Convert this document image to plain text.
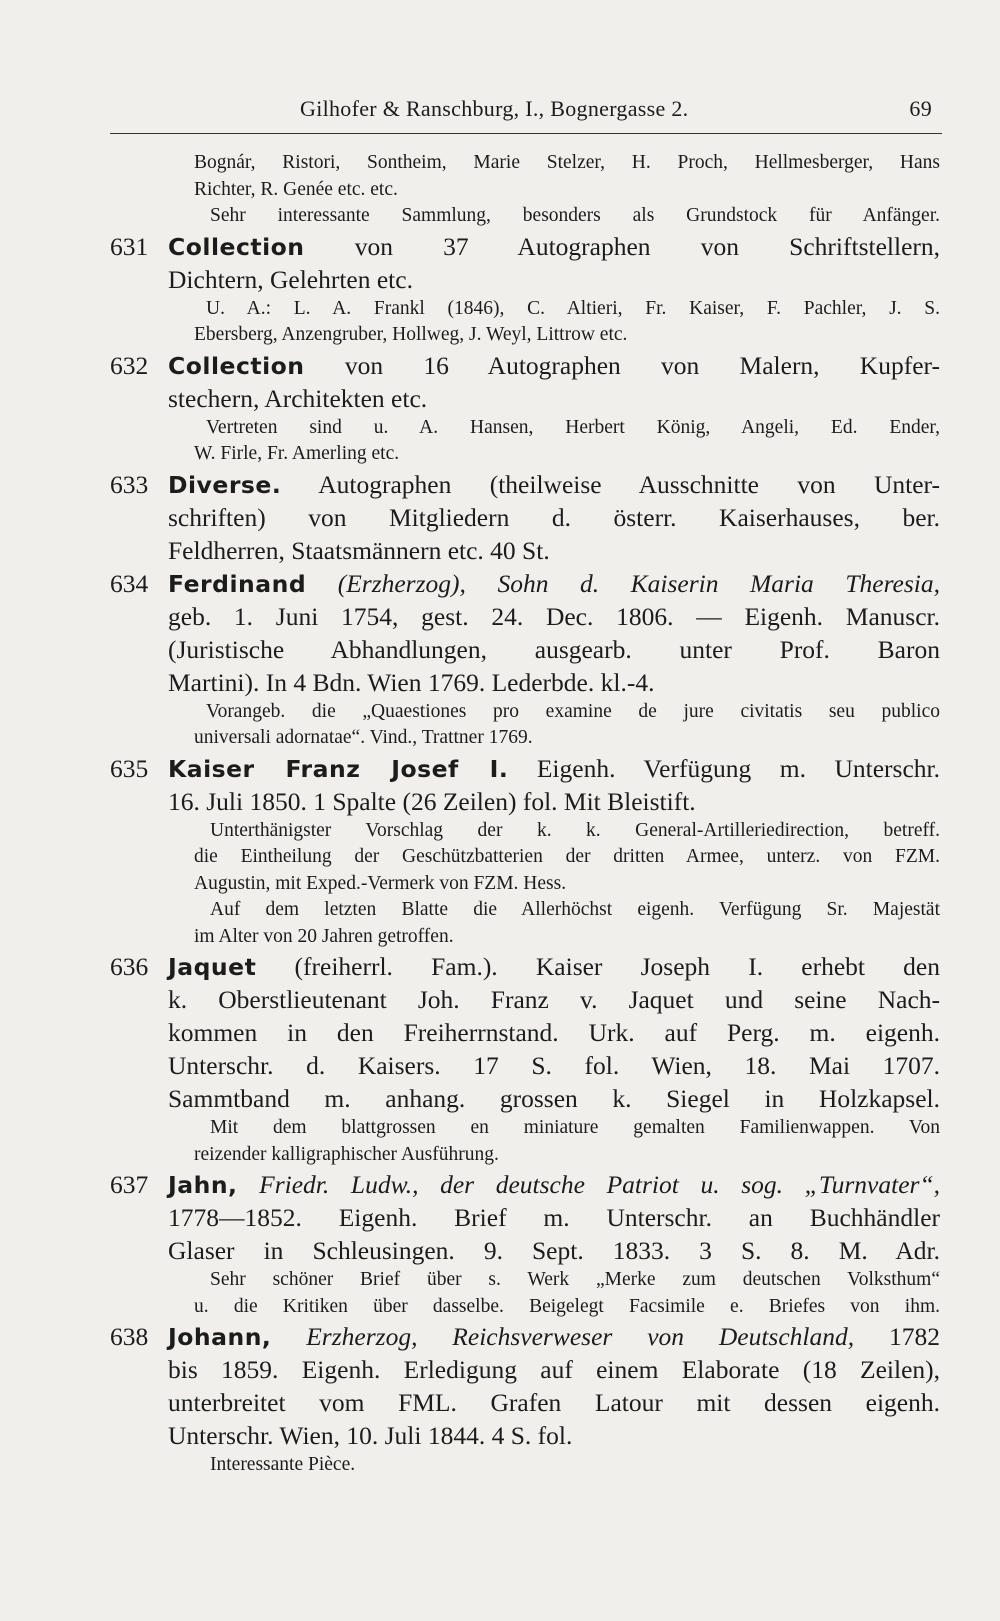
Gilhofer & Ranschburg, I., Bognergasse 2.	69
Bognár, Ristori, Sontheim, Marie Stelzer, H. Proch, Hellmesberger, Hans
Richter, R. Genée etc. etc.
Sehr interessante Sammlung, besonders als Grundstock für Anfänger.
631 Collection von 37 Autographen von Schriftstellern,
Dichtern, Gelehrten etc.
U. A.: L. A. Frankl (1846), C. Altieri, Fr. Kaiser, F. Pachler, J. S.
Ebersberg, Anzengruber, Hollweg, J. Weyl, Littrow etc.
632 Collection von 16 Autographen von Malern, Kupfer-
stechern, Architekten etc.
Vertreten sind u. A. Hansen, Herbert König, Angeli, Ed. Ender,
W. Firle, Fr. Amerling etc.
633 Diverse. Autographen (theilweise Ausschnitte von Unter-
schriften) von Mitgliedern d. österr. Kaiserhauses, ber.
Feldherren, Staatsmännern etc. 40 St.
634 Ferdinand (Erzherzog), Sohn d. Kaiserin Maria Theresia,
geb. 1. Juni 1754, gest. 24. Dec. 1806. — Eigenh. Manuscr.
(Juristische Abhandlungen, ausgearb. unter Prof. Baron
Martini). In 4 Bdn. Wien 1769. Lederbde. kl.-4.
Vorangeb. die „Quaestiones pro examine de jure civitatis seu publico
universali adornatae“. Vind., Trattner 1769.
635 Kaiser Franz Josef I. Eigenh. Verfügung m. Unterschr.
16. Juli 1850. 1 Spalte (26 Zeilen) fol. Mit Bleistift.
Unterthänigster Vorschlag der k. k. General-Artilleriedirection, betreff.
die Eintheilung der Geschützbatterien der dritten Armee, unterz. von FZM.
Augustin, mit Exped.-Vermerk von FZM. Hess.
Auf dem letzten Blatte die Allerhöchst eigenh. Verfügung Sr. Majestät
im Alter von 20 Jahren getroffen.
636 Jaquet (freiherrl. Fam.). Kaiser Joseph I. erhebt den
k. Oberstlieutenant Joh. Franz v. Jaquet und seine Nach-
kommen in den Freiherrnstand. Urk. auf Perg. m. eigenh.
Unterschr. d. Kaisers. 17 S. fol. Wien, 18. Mai 1707.
Sammtband m. anhang. grossen k. Siegel in Holzkapsel.
Mit dem blattgrossen en miniature gemalten Familienwappen. Von
reizender kalligraphischer Ausführung.
637 Jahn, Friedr. Ludw., der deutsche Patriot u. sog. „Turnvater“,
1778—1852. Eigenh. Brief m. Unterschr. an Buchhändler
Glaser in Schleusingen. 9. Sept. 1833. 3 S. 8. M. Adr.
Sehr schöner Brief über s. Werk „Merke zum deutschen Volksthum“
u. die Kritiken über dasselbe. Beigelegt Facsimile e. Briefes von ihm.
638 Johann, Erzherzog, Reichsverweser von Deutschland, 1782
bis 1859. Eigenh. Erledigung auf einem Elaborate (18 Zeilen),
unterbreitet vom FML. Grafen Latour mit dessen eigenh.
Unterschr. Wien, 10. Juli 1844. 4 S. fol.
Interessante Pièce.
